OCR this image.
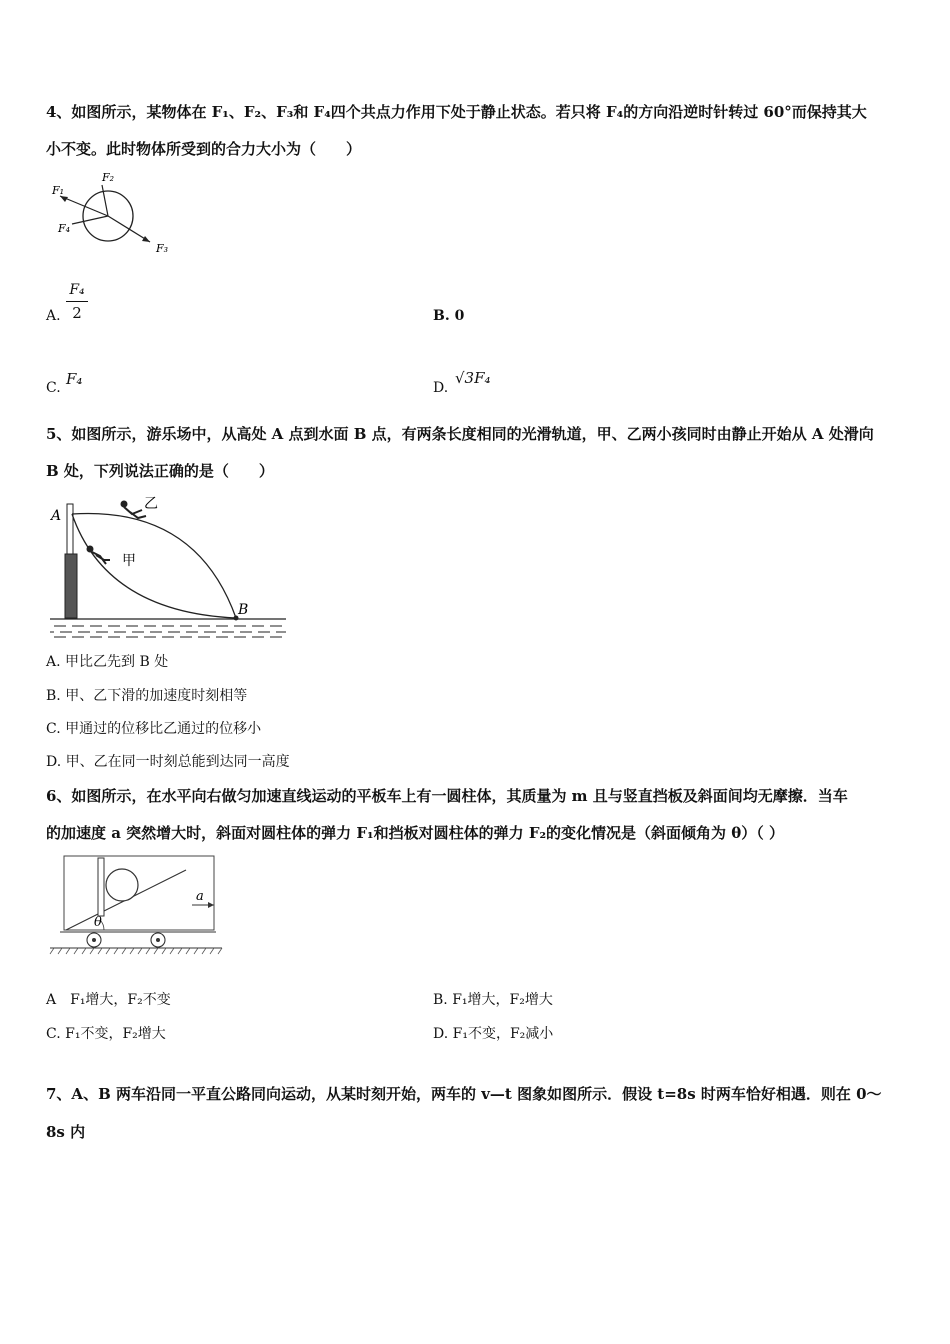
4、如图所示，某物体在 F₁、F₂、F₃和 F₄四个共点力作用下处于静止状态。若只将 F₄的方向沿逆时针转过 60°而保持其大
小不变。此时物体所受到的合力大小为（　　）
F₁
F₂
F₃
F₄
A.
F₄
2	B. 0
C. F₄	D.
√3F₄
5、如图所示，游乐场中，从高处 A 点到水面 B 点，有两条长度相同的光滑轨道，甲、乙两小孩同时由静止开始从 A 处滑向
B 处，下列说法正确的是（　　）
A
B
甲
乙
A. 甲比乙先到 B 处
B. 甲、乙下滑的加速度时刻相等
C. 甲通过的位移比乙通过的位移小
D. 甲、乙在同一时刻总能到达同一高度
6、如图所示，在水平向右做匀加速直线运动的平板车上有一圆柱体，其质量为 m 且与竖直挡板及斜面间均无摩擦．当车
的加速度 a 突然增大时，斜面对圆柱体的弹力 F₁和挡板对圆柱体的弹力 F₂的变化情况是（斜面倾角为 θ）（ ）
a
θ
A　F₁增大，F₂不变	B. F₁增大，F₂增大
C. F₁不变，F₂增大	D. F₁不变，F₂减小
7、A、B 两车沿同一平直公路同向运动，从某时刻开始，两车的 v—t 图象如图所示．假设 t=8s 时两车恰好相遇．则在 0～
8s 内
